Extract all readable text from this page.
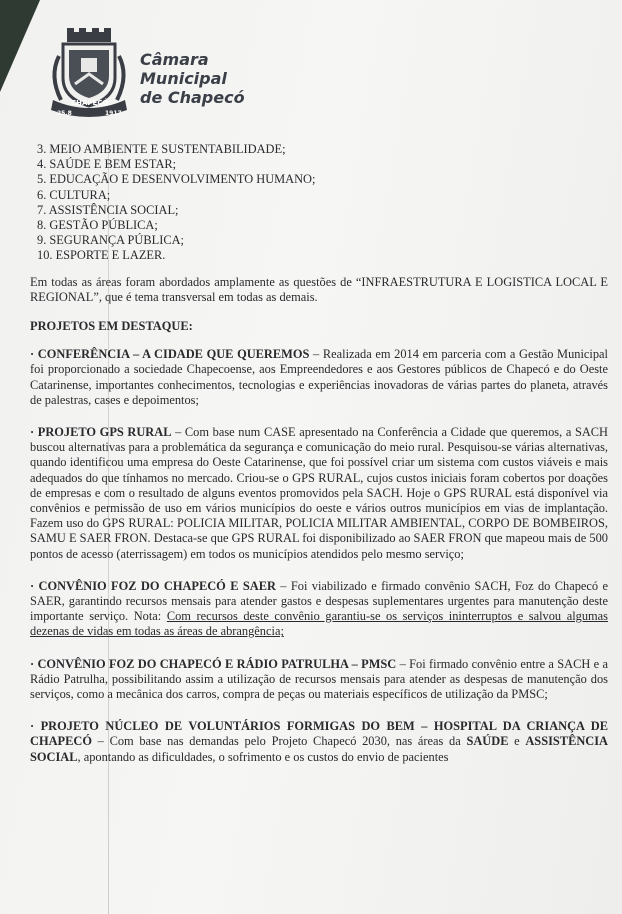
CHAPECÓ
25.8	1917
Câmara
Municipal
de Chapecó
3. MEIO AMBIENTE E SUSTENTABILIDADE;
4. SAÚDE E BEM ESTAR;
5. EDUCAÇÃO E DESENVOLVIMENTO HUMANO;
6. CULTURA;
7. ASSISTÊNCIA SOCIAL;
8. GESTÃO PÚBLICA;
9. SEGURANÇA PÚBLICA;
10. ESPORTE E LAZER.

Em todas as áreas foram abordados amplamente as questões de “INFRAESTRUTURA E LOGISTICA LOCAL E REGIONAL”, que é tema transversal em todas as demais.

PROJETOS EM DESTAQUE:

· CONFERÊNCIA – A CIDADE QUE QUEREMOS – Realizada em 2014 em parceria com a Gestão Municipal foi proporcionado a sociedade Chapecoense, aos Empreendedores e aos Gestores públicos de Chapecó e do Oeste Catarinense, importantes conhecimentos, tecnologias e experiências inovadoras de várias partes do planeta, através de palestras, cases e depoimentos;

· PROJETO GPS RURAL – Com base num CASE apresentado na Conferência a Cidade que queremos, a SACH buscou alternativas para a problemática da segurança e comunicação do meio rural. Pesquisou-se várias alternativas, quando identificou uma empresa do Oeste Catarinense, que foi possível criar um sistema com custos viáveis e mais adequados do que tínhamos no mercado. Criou-se o GPS RURAL, cujos custos iniciais foram cobertos por doações de empresas e com o resultado de alguns eventos promovidos pela SACH. Hoje o GPS RURAL está disponível via convênios e permissão de uso em vários municípios do oeste e vários outros municípios em vias de implantação. Fazem uso do GPS RURAL: POLICIA MILITAR, POLICIA MILITAR AMBIENTAL, CORPO DE BOMBEIROS, SAMU E SAER FRON. Destaca-se que GPS RURAL foi disponibilizado ao SAER FRON que mapeou mais de 500 pontos de acesso (aterrissagem) em todos os municípios atendidos pelo mesmo serviço;

· CONVÊNIO FOZ DO CHAPECÓ E SAER – Foi viabilizado e firmado convênio SACH, Foz do Chapecó e SAER, garantindo recursos mensais para atender gastos e despesas suplementares urgentes para manutenção deste importante serviço. Nota: Com recursos deste convênio garantiu-se os serviços ininterruptos e salvou algumas dezenas de vidas em todas as áreas de abrangência;

· CONVÊNIO FOZ DO CHAPECÓ E RÁDIO PATRULHA – PMSC – Foi firmado convênio entre a SACH e a Rádio Patrulha, possibilitando assim a utilização de recursos mensais para atender as despesas de manutenção dos serviços, como a mecânica dos carros, compra de peças ou materiais específicos de utilização da PMSC;

· PROJETO NÚCLEO DE VOLUNTÁRIOS FORMIGAS DO BEM – HOSPITAL DA CRIANÇA DE CHAPECÓ – Com base nas demandas pelo Projeto Chapecó 2030, nas áreas da SAÚDE e ASSISTÊNCIA SOCIAL, apontando as dificuldades, o sofrimento e os custos do envio de pacientes
